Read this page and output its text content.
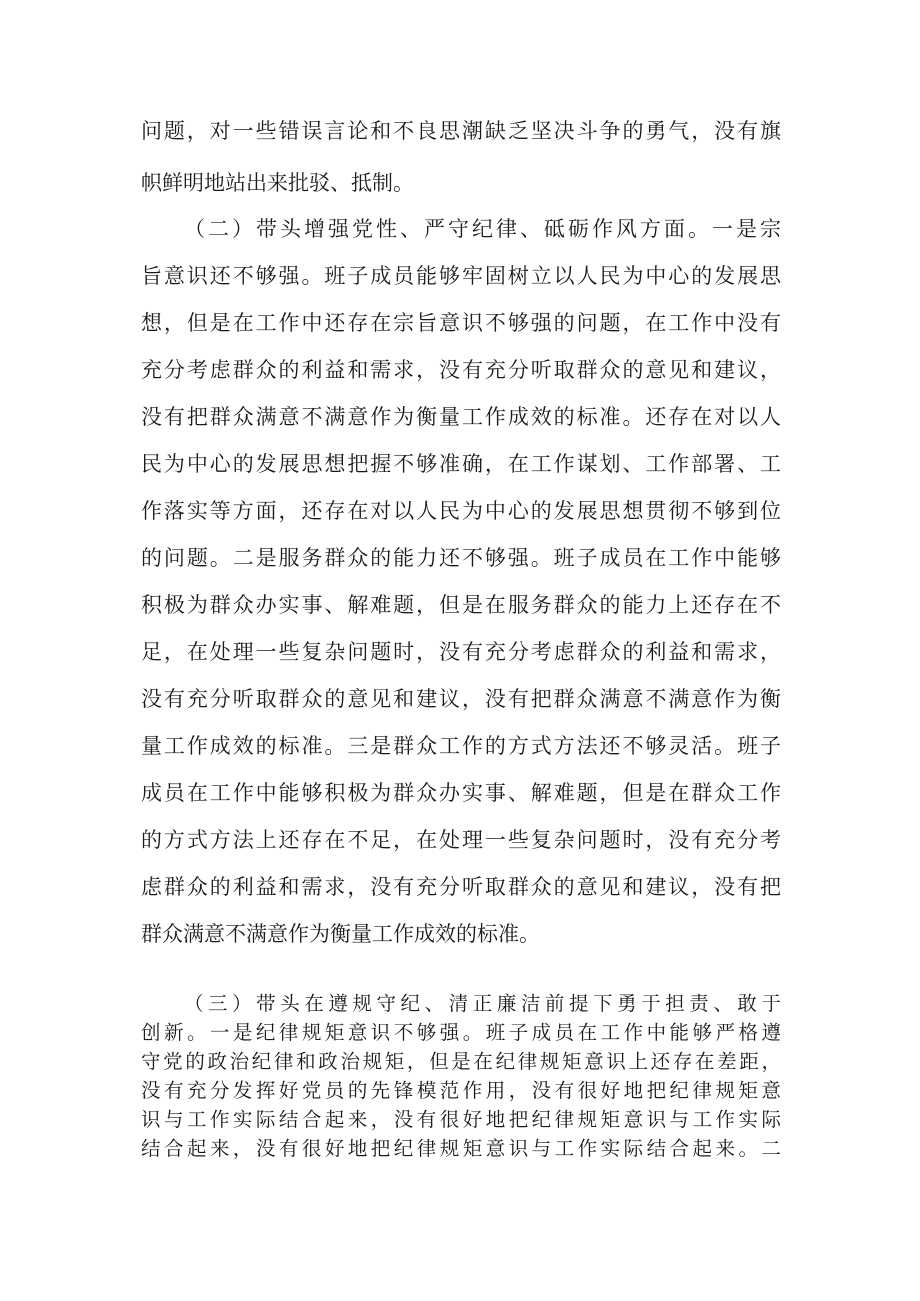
问题，对一些错误言论和不良思潮缺乏坚决斗争的勇气，没有旗
帜鲜明地站出来批驳、抵制。
（二）带头增强党性、严守纪律、砥砺作风方面。一是宗
旨意识还不够强。班子成员能够牢固树立以人民为中心的发展思
想，但是在工作中还存在宗旨意识不够强的问题，在工作中没有
充分考虑群众的利益和需求，没有充分听取群众的意见和建议，
没有把群众满意不满意作为衡量工作成效的标准。还存在对以人
民为中心的发展思想把握不够准确，在工作谋划、工作部署、工
作落实等方面，还存在对以人民为中心的发展思想贯彻不够到位
的问题。二是服务群众的能力还不够强。班子成员在工作中能够
积极为群众办实事、解难题，但是在服务群众的能力上还存在不
足，在处理一些复杂问题时，没有充分考虑群众的利益和需求，
没有充分听取群众的意见和建议，没有把群众满意不满意作为衡
量工作成效的标准。三是群众工作的方式方法还不够灵活。班子
成员在工作中能够积极为群众办实事、解难题，但是在群众工作
的方式方法上还存在不足，在处理一些复杂问题时，没有充分考
虑群众的利益和需求，没有充分听取群众的意见和建议，没有把
群众满意不满意作为衡量工作成效的标准。
（三）带头在遵规守纪、清正廉洁前提下勇于担责、敢于
创新。一是纪律规矩意识不够强。班子成员在工作中能够严格遵
守党的政治纪律和政治规矩，但是在纪律规矩意识上还存在差距，
没有充分发挥好党员的先锋模范作用，没有很好地把纪律规矩意
识与工作实际结合起来，没有很好地把纪律规矩意识与工作实际
结合起来，没有很好地把纪律规矩意识与工作实际结合起来。二
